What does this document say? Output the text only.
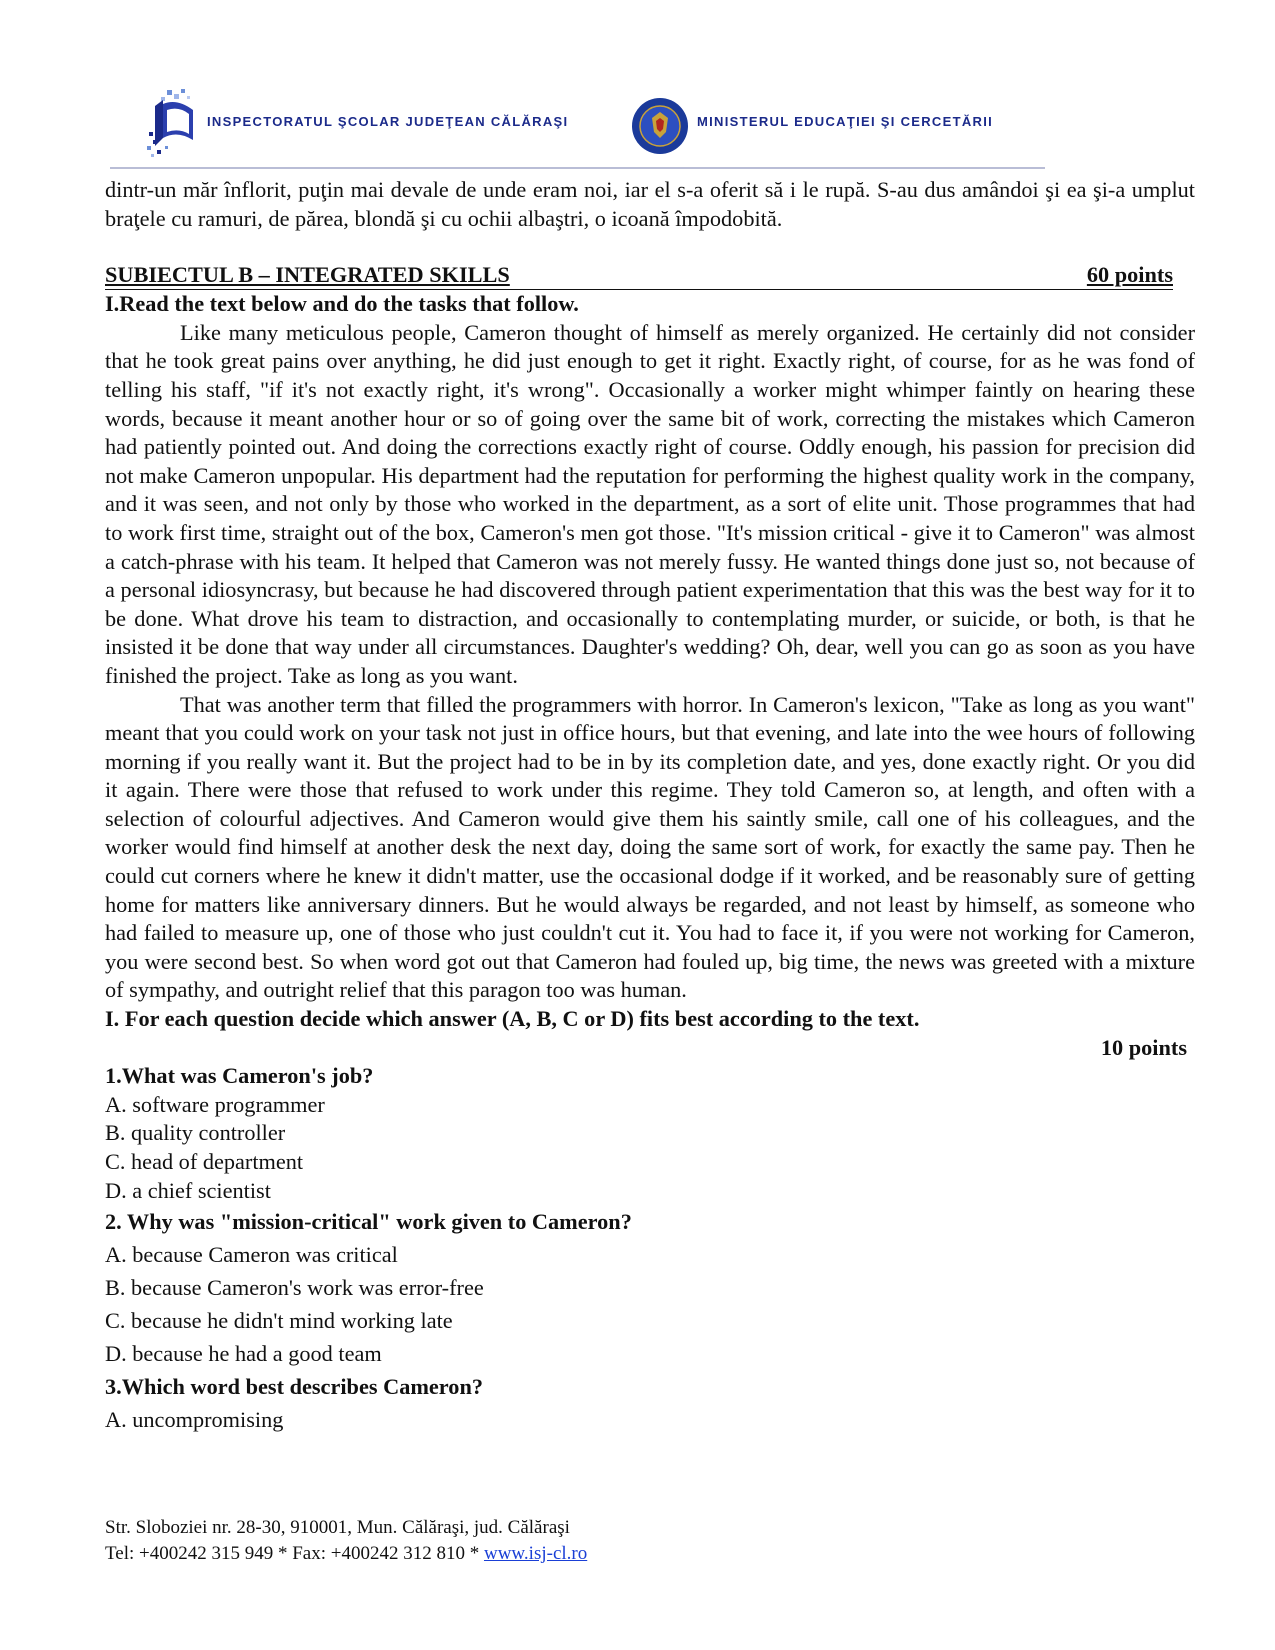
INSPECTORATUL ŞCOLAR JUDEŢEAN CĂLĂRAŞI	MINISTERUL EDUCAŢIEI ŞI CERCETĂRII

dintr-un măr înflorit, puţin mai devale de unde eram noi, iar el s-a oferit să i le rupă. S-au dus amândoi şi ea şi-a umplut braţele cu ramuri, de părea, blondă şi cu ochii albaştri, o icoană împodobită.

SUBIECTUL B – INTEGRATED SKILLS	60 points
I.Read the text below and do the tasks that follow.

Like many meticulous people, Cameron thought of himself as merely organized. He certainly did not consider that he took great pains over anything, he did just enough to get it right. Exactly right, of course, for as he was fond of telling his staff, "if it's not exactly right, it's wrong". Occasionally a worker might whimper faintly on hearing these words, because it meant another hour or so of going over the same bit of work, correcting the mistakes which Cameron had patiently pointed out. And doing the corrections exactly right of course. Oddly enough, his passion for precision did not make Cameron unpopular. His department had the reputation for performing the highest quality work in the company, and it was seen, and not only by those who worked in the department, as a sort of elite unit. Those programmes that had to work first time, straight out of the box, Cameron's men got those. "It's mission critical - give it to Cameron" was almost a catch-phrase with his team. It helped that Cameron was not merely fussy. He wanted things done just so, not because of a personal idiosyncrasy, but because he had discovered through patient experimentation that this was the best way for it to be done. What drove his team to distraction, and occasionally to contemplating murder, or suicide, or both, is that he insisted it be done that way under all circumstances. Daughter's wedding? Oh, dear, well you can go as soon as you have finished the project. Take as long as you want.

That was another term that filled the programmers with horror. In Cameron's lexicon, "Take as long as you want" meant that you could work on your task not just in office hours, but that evening, and late into the wee hours of following morning if you really want it. But the project had to be in by its completion date, and yes, done exactly right. Or you did it again. There were those that refused to work under this regime. They told Cameron so, at length, and often with a selection of colourful adjectives. And Cameron would give them his saintly smile, call one of his colleagues, and the worker would find himself at another desk the next day, doing the same sort of work, for exactly the same pay. Then he could cut corners where he knew it didn't matter, use the occasional dodge if it worked, and be reasonably sure of getting home for matters like anniversary dinners. But he would always be regarded, and not least by himself, as someone who had failed to measure up, one of those who just couldn't cut it. You had to face it, if you were not working for Cameron, you were second best. So when word got out that Cameron had fouled up, big time, the news was greeted with a mixture of sympathy, and outright relief that this paragon too was human.

I. For each question decide which answer (A, B, C or D) fits best according to the text.
10 points
1.What was Cameron's job?
A. software programmer
B. quality controller
C. head of department
D. a chief scientist
2. Why was "mission-critical" work given to Cameron?
A. because Cameron was critical
B. because Cameron's work was error-free
C. because he didn't mind working late
D. because he had a good team
3.Which word best describes Cameron?
A. uncompromising
Str. Sloboziei nr. 28-30, 910001, Mun. Călăraşi, jud. Călăraşi
Tel: +400242 315 949 * Fax: +400242 312 810 * www.isj-cl.ro
